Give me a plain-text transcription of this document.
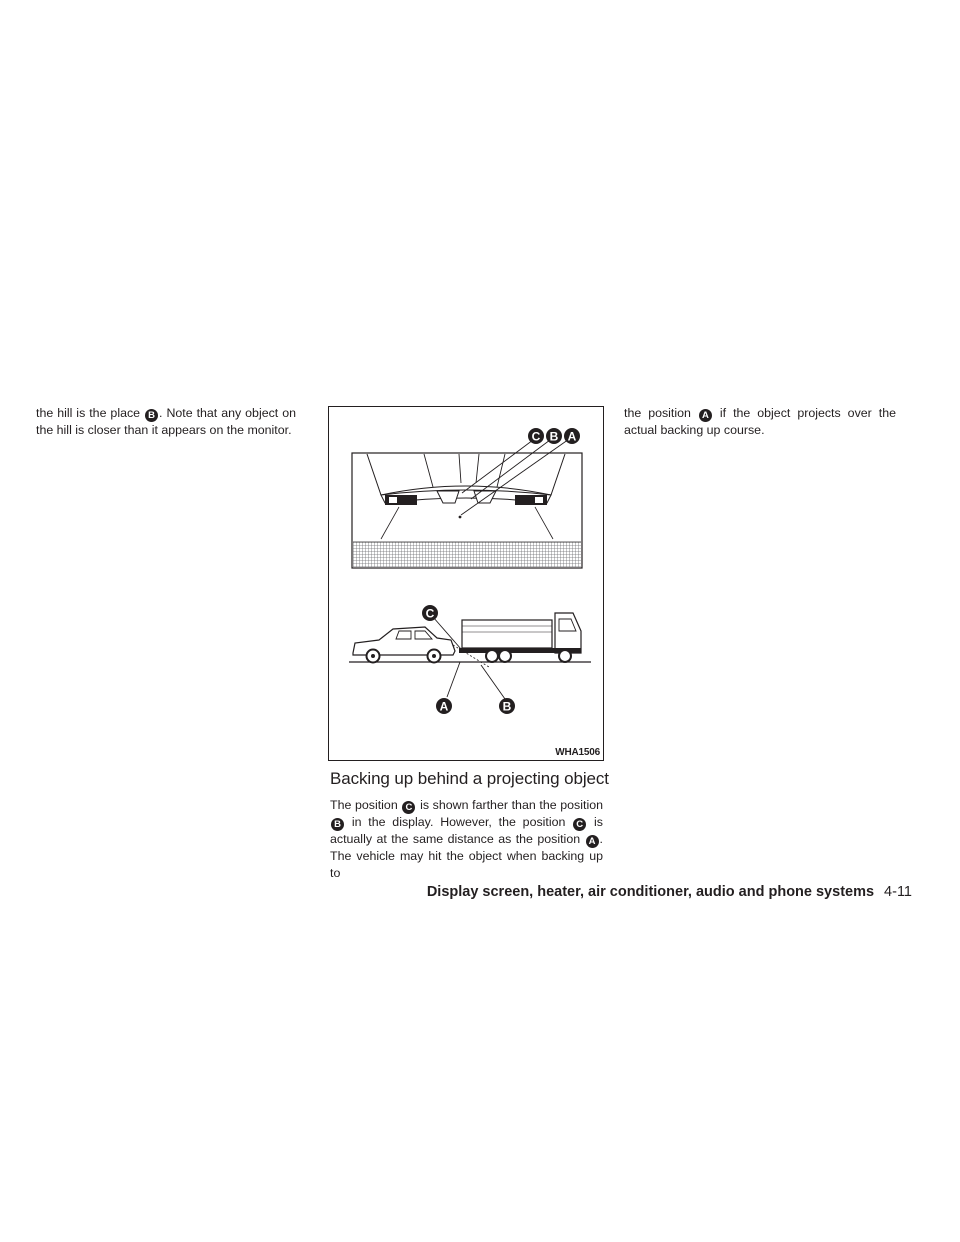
the hill is the place B . Note that any object on the hill is closer than it appears on the monitor.	C B A
C
A	B
WHA1506
Backing up behind a projecting object

The position C is shown farther than the position B in the display. However, the position C is actually at the same distance as the position A . The vehicle may hit the object when backing up to

the position A if the object projects over the actual backing up course.

Display screen, heater, air conditioner, audio and phone systems 4-11
